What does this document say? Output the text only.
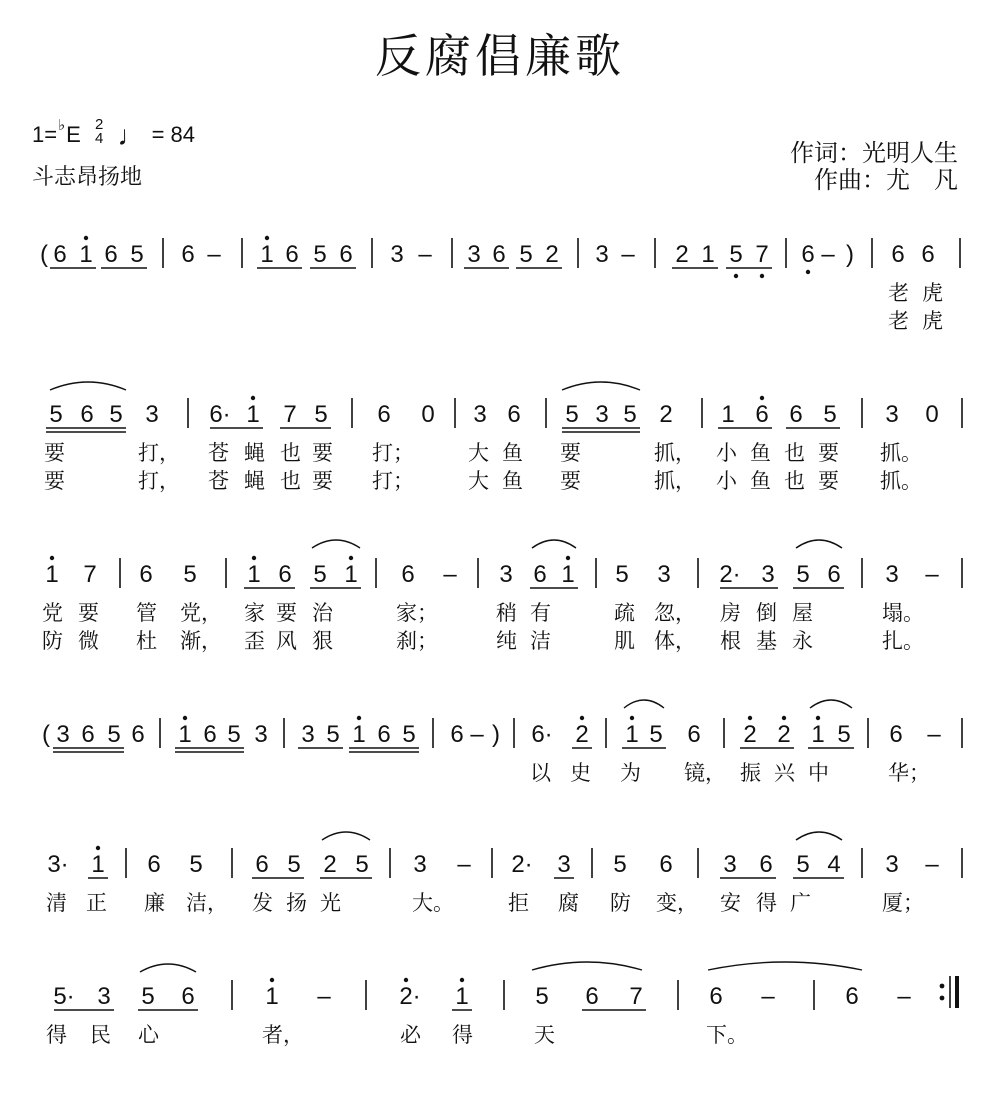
反腐倡廉歌
1=♭E 2
4 ♩ = 84
斗志昂扬地
作词：光明人生
作曲：尤　凡
( 6 1 6 5 6 – 1 6 5 6 3 – 3 6 5 2 3 – 2 1 5 7 6 – ) 6 6
老 虎
老 虎
5 6 5 3 6· 1 7 5 6 0 3 6 5 3 5 2 1 6 6 5 3 0
要	打， 苍 蝇 也 要 打；	大 鱼 要	抓， 小 鱼 也 要 抓。
要	打， 苍 蝇 也 要 打；	大 鱼 要	抓， 小 鱼 也 要 抓。
1 7 6 5 1 6 5 1 6 – 3 6 1 5 3 2· 3 5 6 3 –
党 要 管 党， 家 要 治	家；	稍 有	疏 忽， 房 倒 屋	塌。
防 微 杜 渐， 歪 风 狠	刹；	纯 洁	肌 体， 根 基 永	扎。
( 3 6 5 6 1 6 5 3 3 5 1 6 5 6 – ) 6· 2 1 5 6 2 2 1 5 6 –
以 史 为 镜， 振 兴 中	华；
3· 1 6 5 6 5 2 5 3 – 2· 3 5 6 3 6 5 4 3 –
清 正 廉 洁， 发 扬 光	大。	拒 腐 防 变， 安 得 广	厦；
5· 3 5 6	1 –	2· 1	5 6 7	6 –	6 –
得 民 心	者，	必 得	天	下。
